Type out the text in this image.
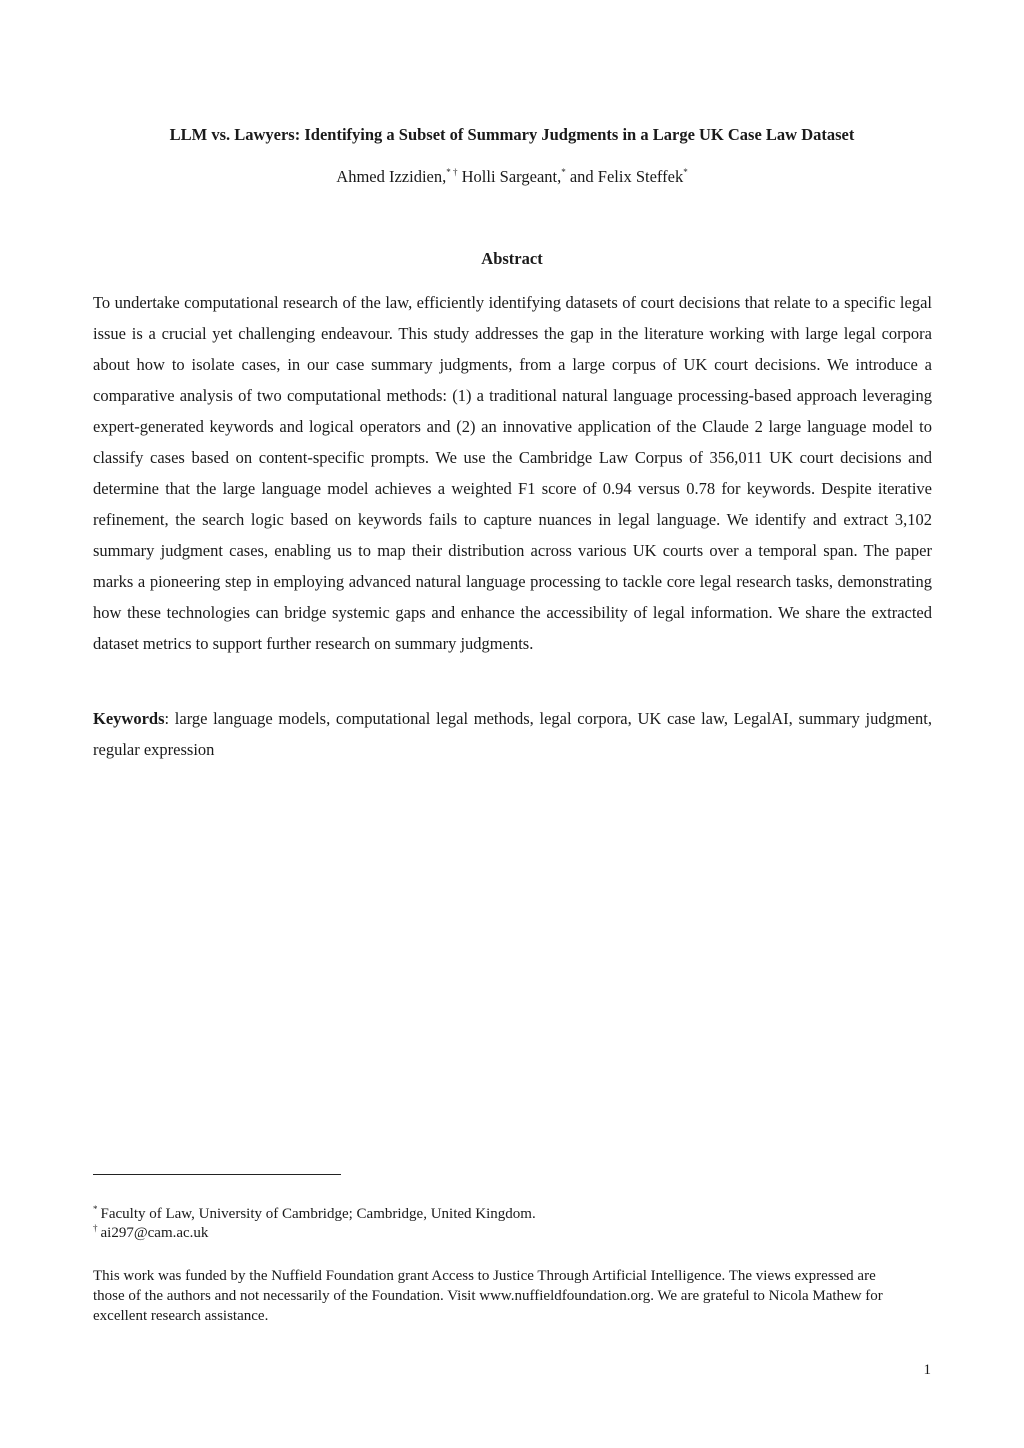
LLM vs. Lawyers: Identifying a Subset of Summary Judgments in a Large UK Case Law Dataset

Ahmed Izzidien,* † Holli Sargeant,* and Felix Steffek*

Abstract

To undertake computational research of the law, efficiently identifying datasets of court decisions that relate to a specific legal issue is a crucial yet challenging endeavour. This study addresses the gap in the literature working with large legal corpora about how to isolate cases, in our case summary judgments, from a large corpus of UK court decisions. We introduce a comparative analysis of two computational methods: (1) a traditional natural language processing-based approach leveraging expert-generated keywords and logical operators and (2) an innovative application of the Claude 2 large language model to classify cases based on content-specific prompts. We use the Cambridge Law Corpus of 356,011 UK court decisions and determine that the large language model achieves a weighted F1 score of 0.94 versus 0.78 for keywords. Despite iterative refinement, the search logic based on keywords fails to capture nuances in legal language. We identify and extract 3,102 summary judgment cases, enabling us to map their distribution across various UK courts over a temporal span. The paper marks a pioneering step in employing advanced natural language processing to tackle core legal research tasks, demonstrating how these technologies can bridge systemic gaps and enhance the accessibility of legal information. We share the extracted dataset metrics to support further research on summary judgments.

Keywords: large language models, computational legal methods, legal corpora, UK case law, LegalAI, summary judgment, regular expression

* Faculty of Law, University of Cambridge; Cambridge, United Kingdom.

† ai297@cam.ac.uk

This work was funded by the Nuffield Foundation grant Access to Justice Through Artificial Intelligence. The views expressed are those of the authors and not necessarily of the Foundation. Visit www.nuffieldfoundation.org. We are grateful to Nicola Mathew for excellent research assistance.

1
